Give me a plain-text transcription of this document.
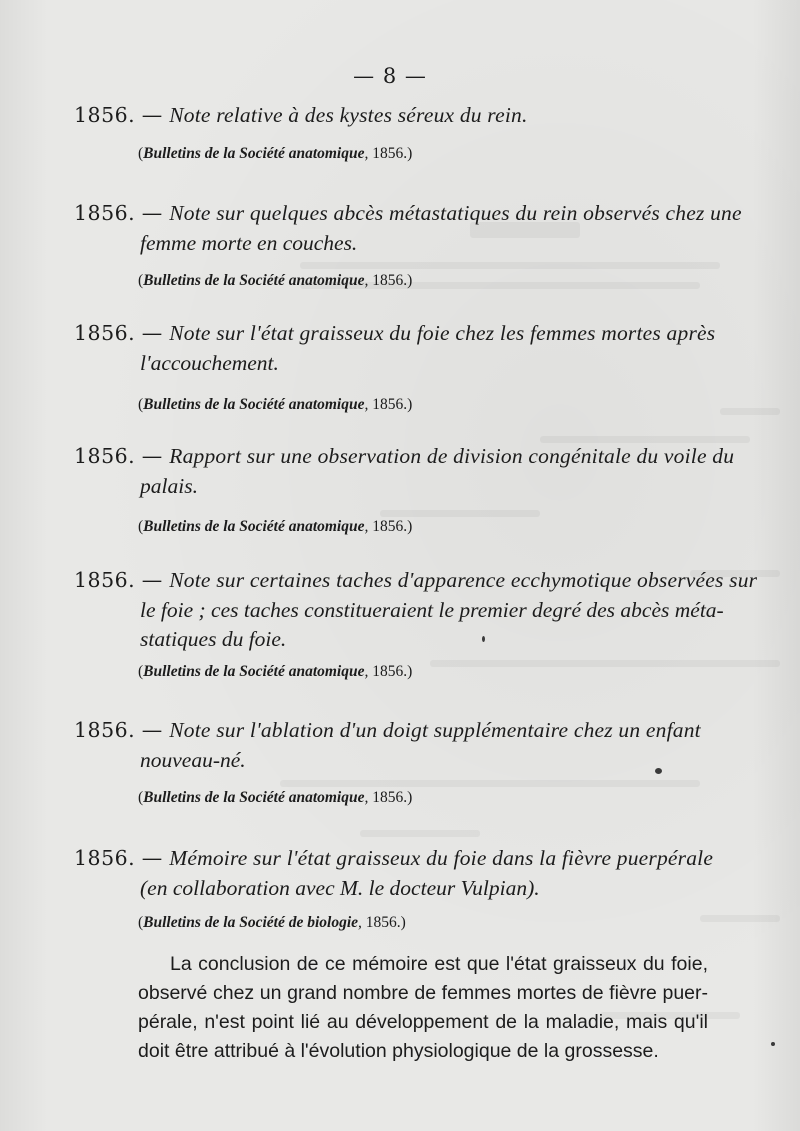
— 8 —
1856. — Note relative à des kystes séreux du rein.
(Bulletins de la Société anatomique, 1856.)
1856. — Note sur quelques abcès métastatiques du rein observés chez une
femme morte en couches.
(Bulletins de la Société anatomique, 1856.)
1856. — Note sur l'état graisseux du foie chez les femmes mortes après
l'accouchement.
(Bulletins de la Société anatomique, 1856.)
1856. — Rapport sur une observation de division congénitale du voile du
palais.
(Bulletins de la Société anatomique, 1856.)
1856. — Note sur certaines taches d'apparence ecchymotique observées sur
le foie ; ces taches constitueraient le premier degré des abcès méta-
statiques du foie.
(Bulletins de la Société anatomique, 1856.)
1856. — Note sur l'ablation d'un doigt supplémentaire chez un enfant
nouveau-né.
(Bulletins de la Société anatomique, 1856.)
1856. — Mémoire sur l'état graisseux du foie dans la fièvre puerpérale
(en collaboration avec M. le docteur Vulpian).
(Bulletins de la Société de biologie, 1856.)
La conclusion de ce mémoire est que l'état graisseux du foie,
observé chez un grand nombre de femmes mortes de fièvre puer-
pérale, n'est point lié au développement de la maladie, mais qu'il
doit être attribué à l'évolution physiologique de la grossesse.
